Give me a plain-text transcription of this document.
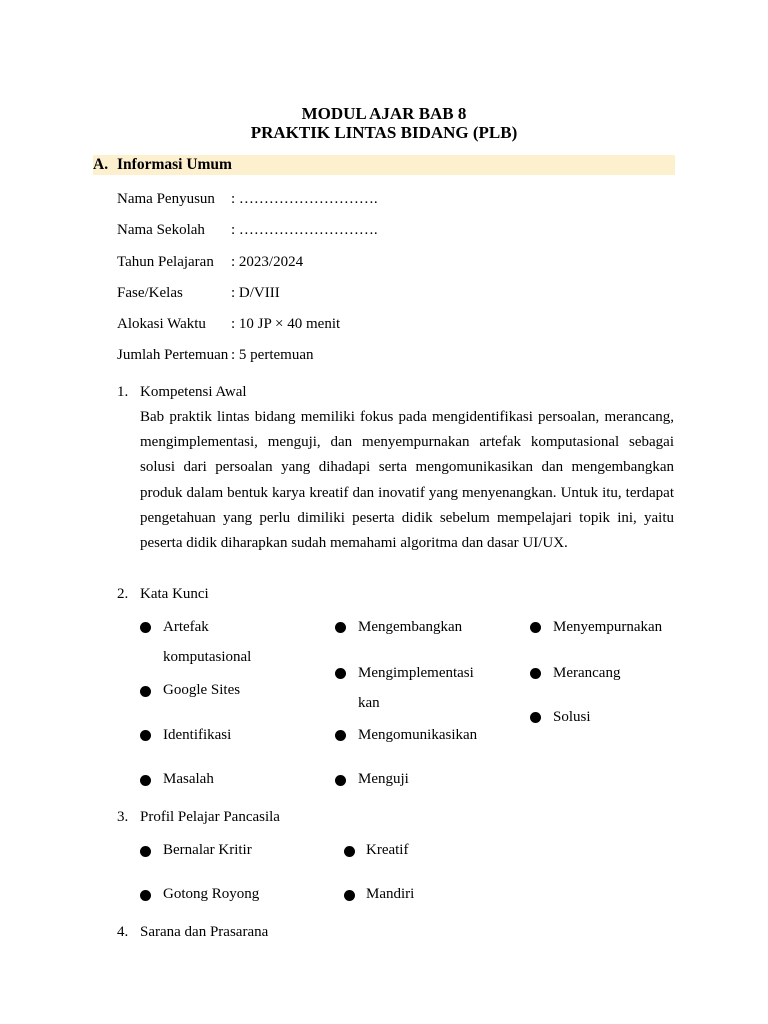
MODUL AJAR BAB 8
PRAKTIK LINTAS BIDANG (PLB)
A. Informasi Umum
Nama Penyusun : ……………………….
Nama Sekolah : ……………………….
Tahun Pelajaran : 2023/2024
Fase/Kelas	: D/VIII
Alokasi Waktu : 10 JP × 40 menit
Jumlah Pertemuan : 5 pertemuan
1. Kompetensi Awal
Bab praktik lintas bidang memiliki fokus pada mengidentifikasi persoalan, merancang, mengimplementasi, menguji, dan menyempurnakan artefak komputasional sebagai solusi dari persoalan yang dihadapi serta mengomunikasikan dan mengembangkan produk dalam bentuk karya kreatif dan inovatif yang menyenangkan. Untuk itu, terdapat pengetahuan yang perlu dimiliki peserta didik sebelum mempelajari topik ini, yaitu peserta didik diharapkan sudah memahami algoritma dan dasar UI/UX.
2. Kata Kunci
Artefak komputasional
Google Sites
Identifikasi
Masalah
Mengembangkan
Mengimplementasikan
Mengomunikasikan
Menguji
Menyempurnakan
Merancang
Solusi
3. Profil Pelajar Pancasila
Bernalar Kritir
Gotong Royong
Kreatif
Mandiri
4. Sarana dan Prasarana
